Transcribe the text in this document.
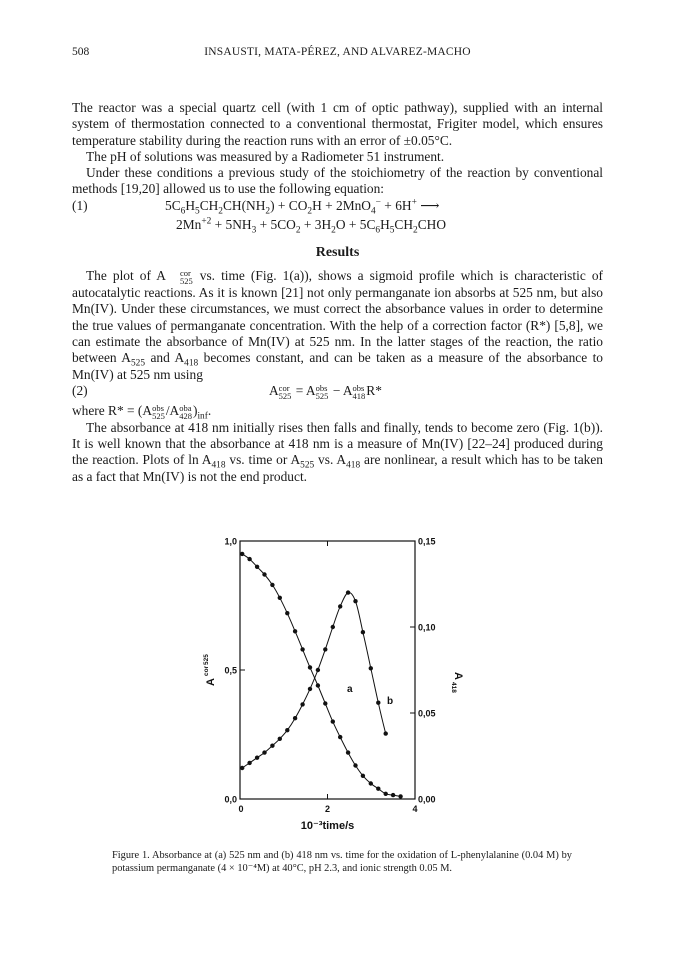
508	INSAUSTI, MATA-PÉREZ, AND ALVAREZ-MACHO

The reactor was a special quartz cell (with 1 cm of optic pathway), supplied with an internal system of thermostation connected to a conventional thermostat, Frigiter model, which ensures temperature stability during the reaction runs with an error of ±0.05°C.

The pH of solutions was measured by a Radiometer 51 instrument.

Under these conditions a previous study of the stoichiometry of the reaction by conventional methods [19,20] allowed us to use the following equation:

(1)	$5C_6H_5CH_2CH(NH_2) + CO_2H + 2MnO_4^- + 6H^+$ ⟶
$2Mn^{+2} + 5NH_3 + 5CO_2 + 3H_2O + 5C_6H_5CH_2CHO$
Results

The plot of A	cor
525 vs. time (Fig. 1(a)), shows a sigmoid profile which is characteristic of autocatalytic reactions. As it is known [21] not only permanganate ion absorbs at 525 nm, but also Mn(IV). Under these circumstances, we must correct the absorbance values in order to determine the true values of permanganate concentration. With the help of a correction factor (R*) [5,8], we can estimate the absorbance of Mn(IV) at 525 nm. In the latter stages of the reaction, the ratio between $A_{525}$ and $A_{418}$ becomes constant, and can be taken as a measure of the absorbance to Mn(IV) at 525 nm using

(2)	A cor
525 = A obs
525 − A obs
418 R*

where R* = (A obs
525 /A oba
428 )$_{inf}$.

The absorbance at 418 nm initially rises then falls and finally, tends to become zero (Fig. 1(b)). It is well known that the absorbance at 418 nm is a measure of Mn(IV) [22–24] produced during the reaction. Plots of $\ln A_{418}$ vs. time or $A_{525}$ vs. $A_{418}$ are nonlinear, a result which has to be taken as a fact that Mn(IV) is not the end product.

0	2	4
0,0
0,5
1,0
0,00
0,05
0,10
0,15
a
b
10⁻³time/s
A
cor
525
A
418
Figure 1. Absorbance at (a) 525 nm and (b) 418 nm vs. time for the oxidation of L-phenylalanine (0.04 M) by potassium permanganate (4 × 10⁻⁴M) at 40°C, pH 2.3, and ionic strength 0.05 M.
